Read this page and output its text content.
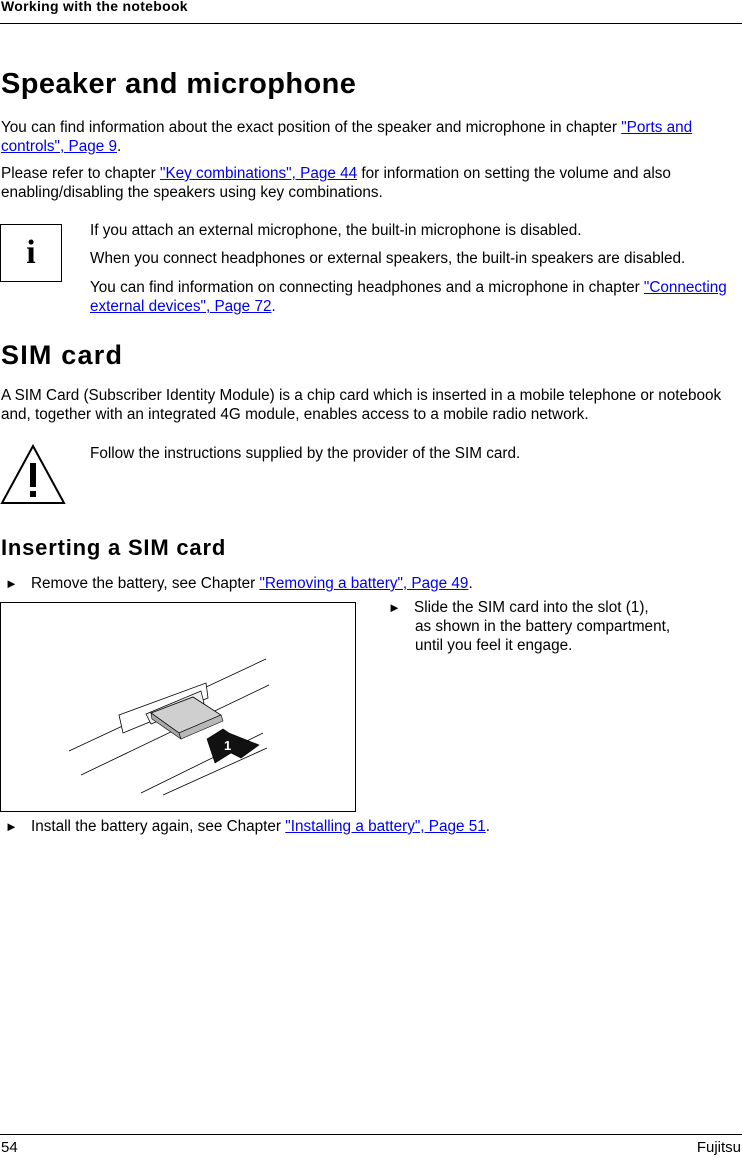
Working with the notebook
Speaker and microphone

You can find information about the exact position of the speaker and microphone in chapter "Ports and controls", Page 9.

Please refer to chapter "Key combinations", Page 44 for information on setting the volume and also enabling/disabling the speakers using key combinations.

i

If you attach an external microphone, the built-in microphone is disabled.

When you connect headphones or external speakers, the built-in speakers are disabled.

You can find information on connecting headphones and a microphone in chapter "Connecting external devices", Page 72.

SIM card

A SIM Card (Subscriber Identity Module) is a chip card which is inserted in a mobile telephone or notebook and, together with an integrated 4G module, enables access to a mobile radio network.

Follow the instructions supplied by the provider of the SIM card.

Inserting a SIM card

► Remove the battery, see Chapter "Removing a battery", Page 49.

1

► Slide the SIM card into the slot (1),
as shown in the battery compartment,
until you feel it engage.

► Install the battery again, see Chapter "Installing a battery", Page 51.

54	Fujitsu
